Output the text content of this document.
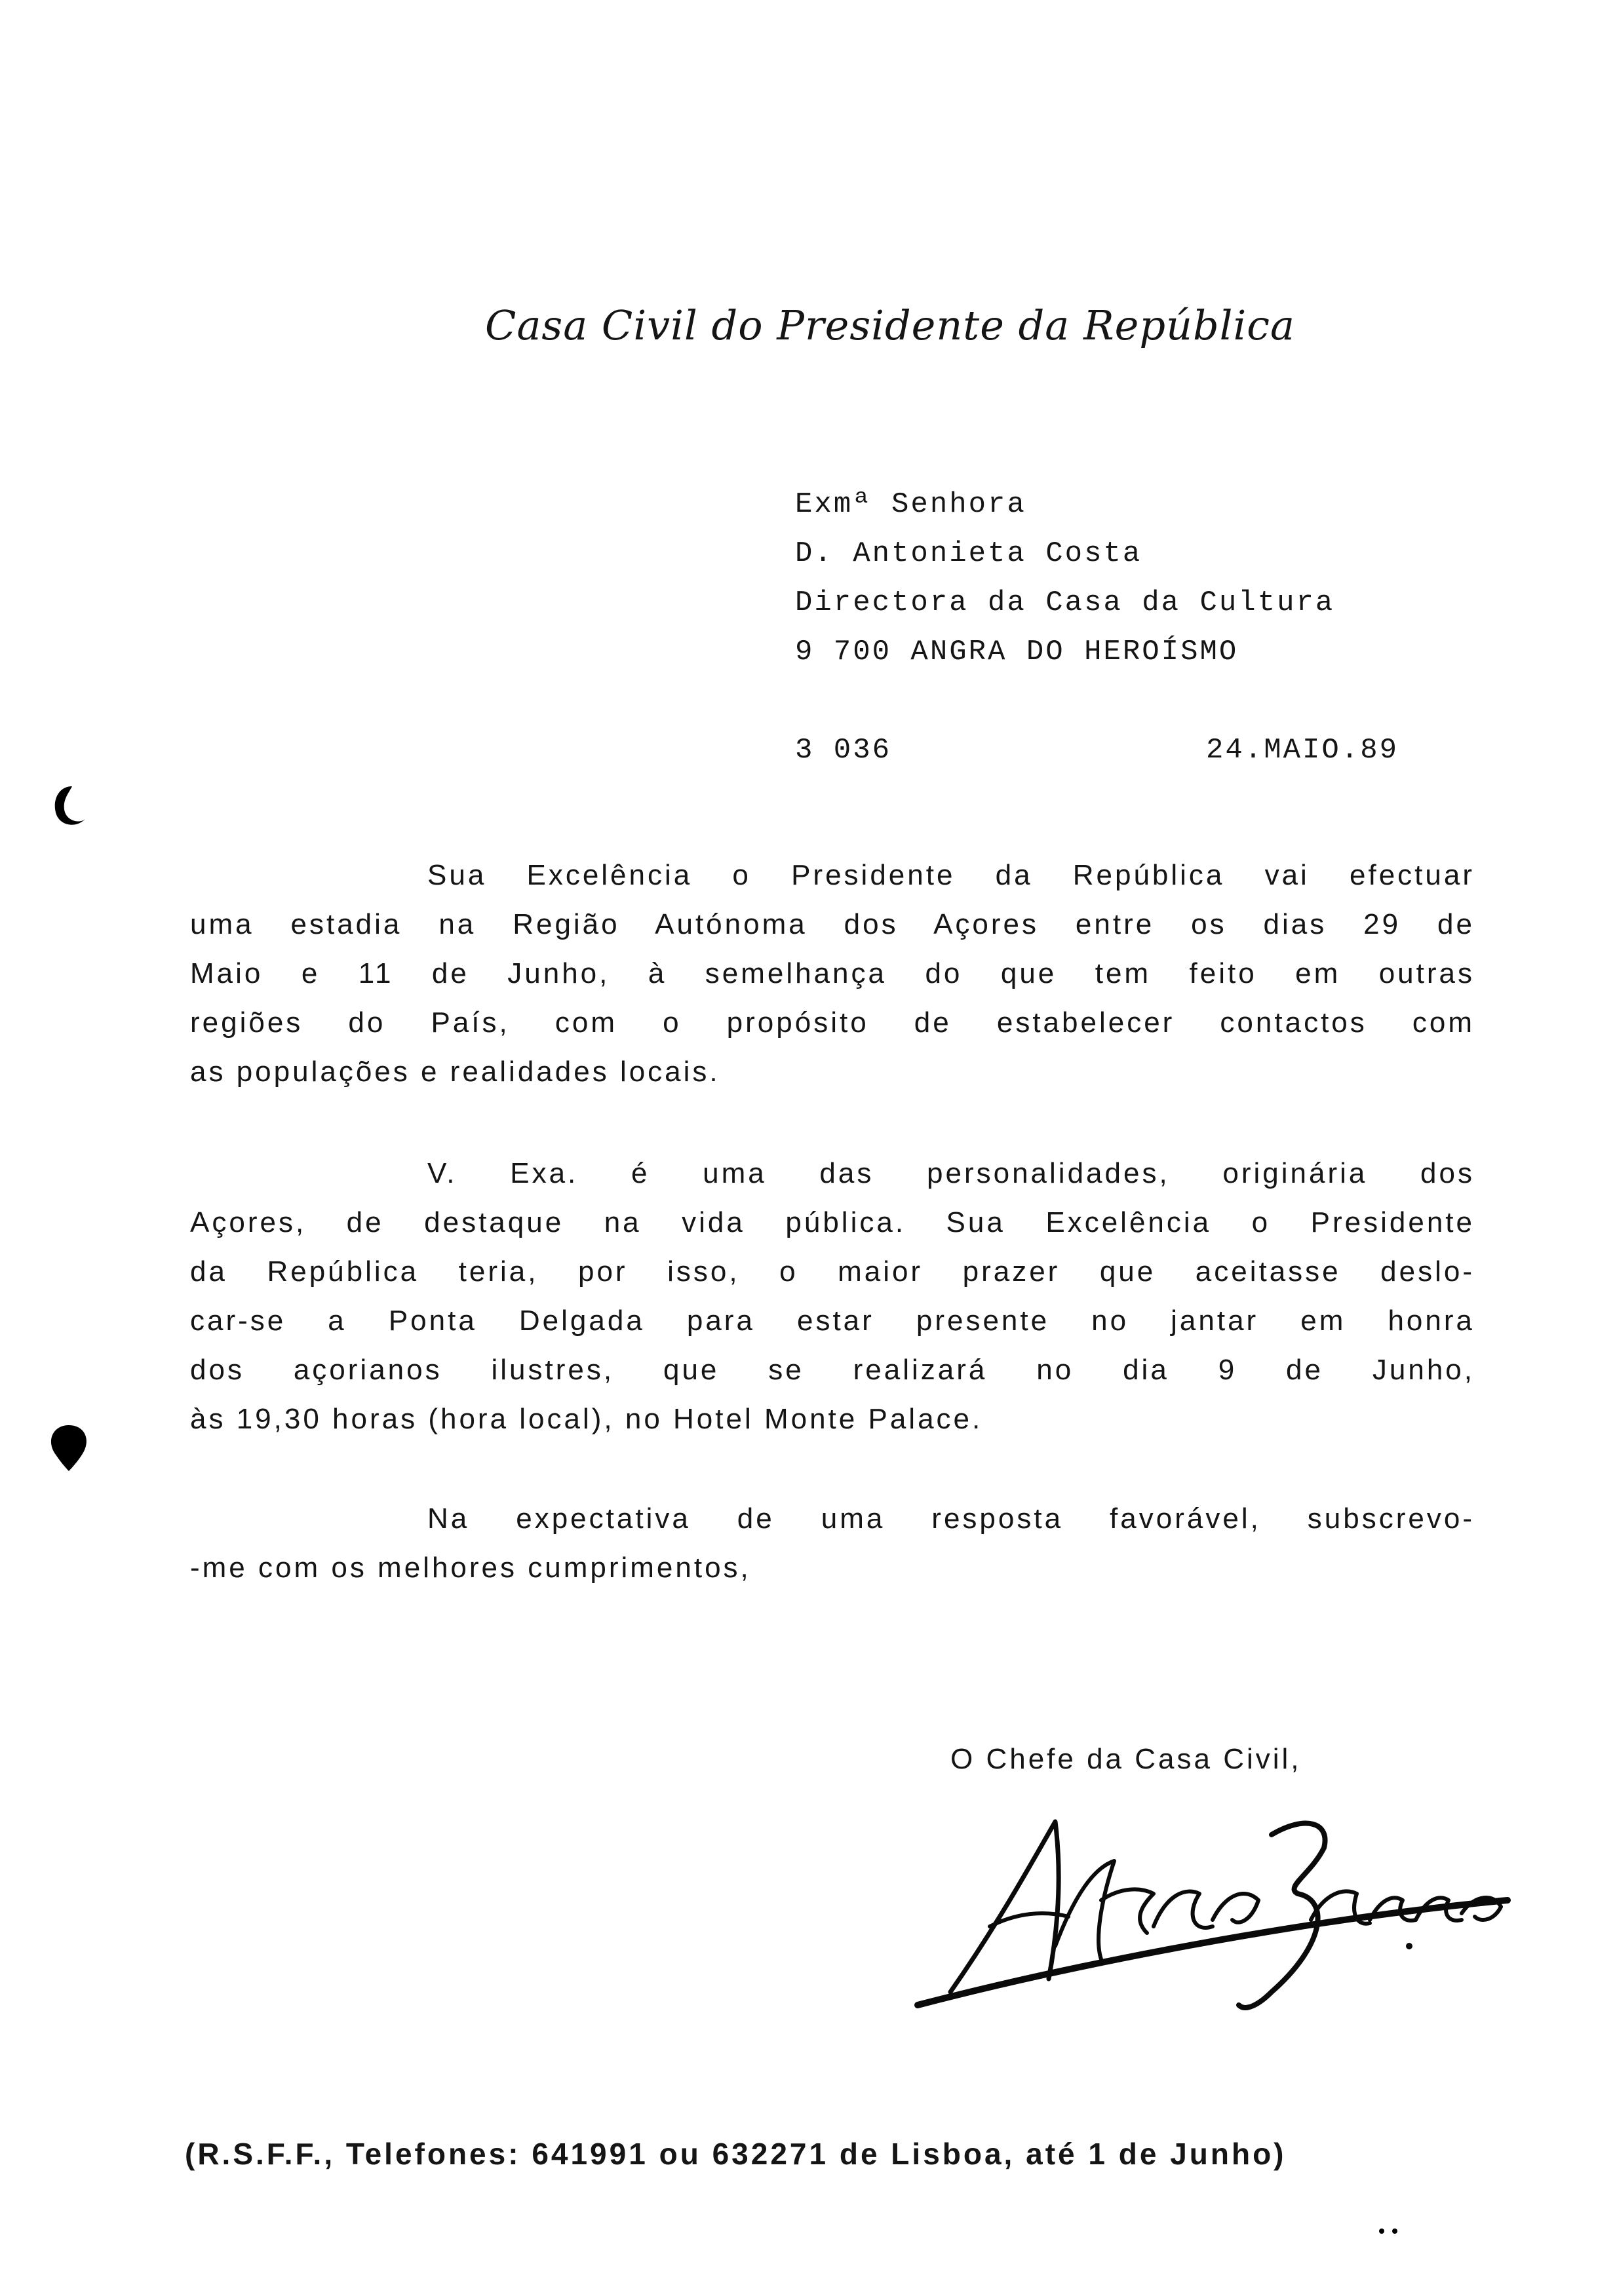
Casa Civil do Presidente da República
Exmª Senhora
D. Antonieta Costa
Directora da Casa da Cultura
9 700 ANGRA DO HEROÍSMO
3 036	24.MAIO.89
Sua Excelência o Presidente da República vai efectuar
uma estadia na Região Autónoma dos Açores entre os dias 29 de
Maio e 11 de Junho, à semelhança do que tem feito em outras
regiões do País, com o propósito de estabelecer contactos com
as populações e realidades locais.
V. Exa. é uma das personalidades, originária dos
Açores, de destaque na vida pública. Sua Excelência o Presidente
da República teria, por isso, o maior prazer que aceitasse deslo-
car-se a Ponta Delgada para estar presente no jantar em honra
dos açorianos ilustres, que se realizará no dia 9 de Junho,
às 19,30 horas (hora local), no Hotel Monte Palace.
Na expectativa de uma resposta favorável, subscrevo-
-me com os melhores cumprimentos,
O Chefe da Casa Civil,
(R.S.F.F., Telefones: 641991 ou 632271 de Lisboa, até 1 de Junho)
